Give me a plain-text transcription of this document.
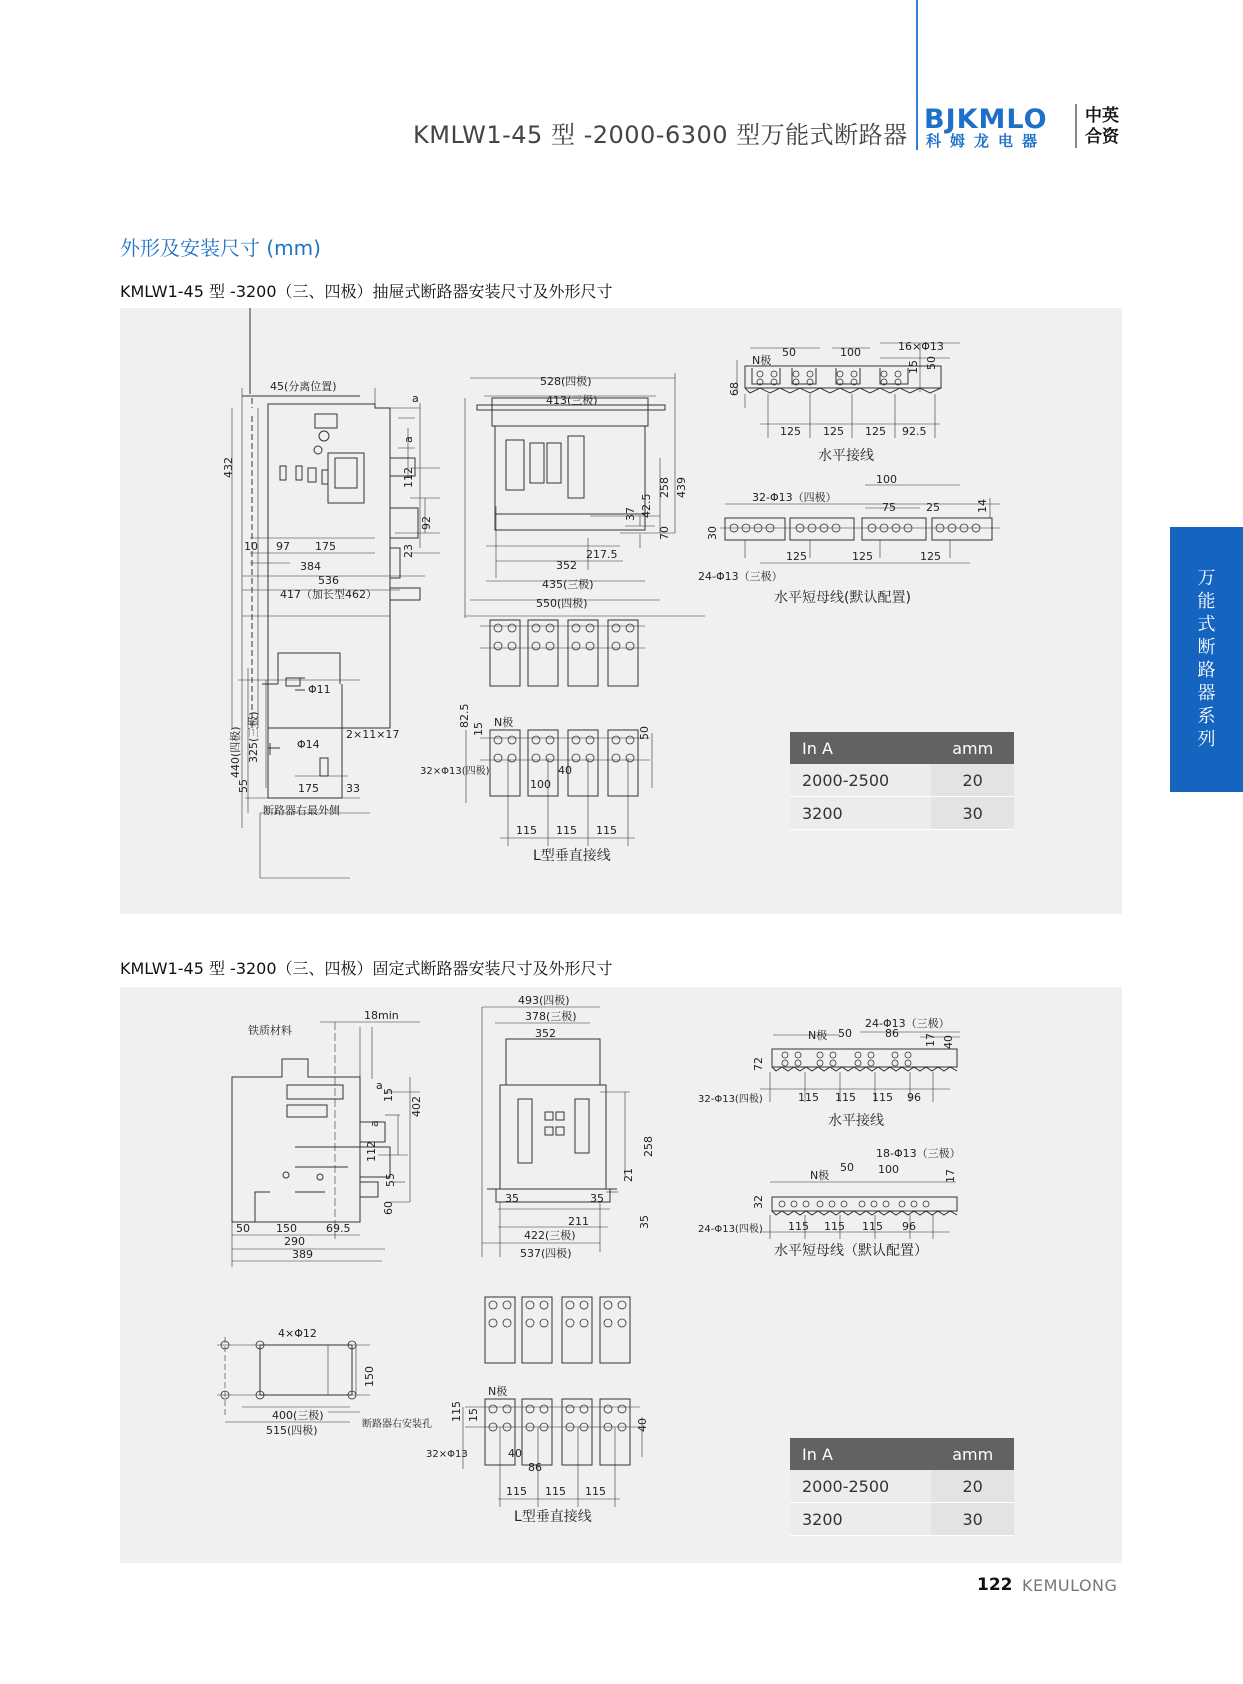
KMLW1-45 型 -2000-6300 型万能式断路器 BJKMLO
科姆龙电器
中英
合资
外形及安装尺寸 (mm)
万
能
式
断
路
器
系
列
KMLW1-45 型 -3200（三、四极）抽屉式断路器安装尺寸及外形尺寸
45(分离位置)
432
a
a
10 97 175
384
536
417（加长型462）
112
92
23
528(四极)
413(三极)
258 439
37 42.5
70
217.5
352
435(三极)
550(四极)
Φ11
Φ14
2×11×17
440(四极) 325(三极)
55	175 33
断路器右最外侧
N极
50	100	16×Φ13
15 50
68
125 125 125 92.5
水平接线
32-Φ13（四极）
100
75	25	14
30
125	125	125
24-Φ13（三极）
水平短母线(默认配置)
N极
82.5
15
32×Φ13(四极)	40
100
50
115 115 115
L型垂直接线
In A	amm
2000-2500	20
3200	30
KMLW1-45 型 -3200（三、四极）固定式断路器安装尺寸及外形尺寸
铁质材料
18min
a
15
402
a
112
55
60
50 150	69.5
290
389
493(四极)
378(三极)
352
258
21
35	35
35
211
422(三极)
537(四极)
4×Φ12
150
400(三极)
515(四极)	断路器右安装孔
24-Φ13（三极）
N极 50	86 17 40
72
32-Φ13(四极)	115 115 115 96
水平接线
18-Φ13（三极）
N极
50 100	17
32
24-Φ13(四极) 115 115 115 96
水平短母线（默认配置）
N极
115 15
32×Φ13	40
86
40
115 115 115
L型垂直接线
In A	amm
2000-2500	20
3200	30
122 KEMULONG
